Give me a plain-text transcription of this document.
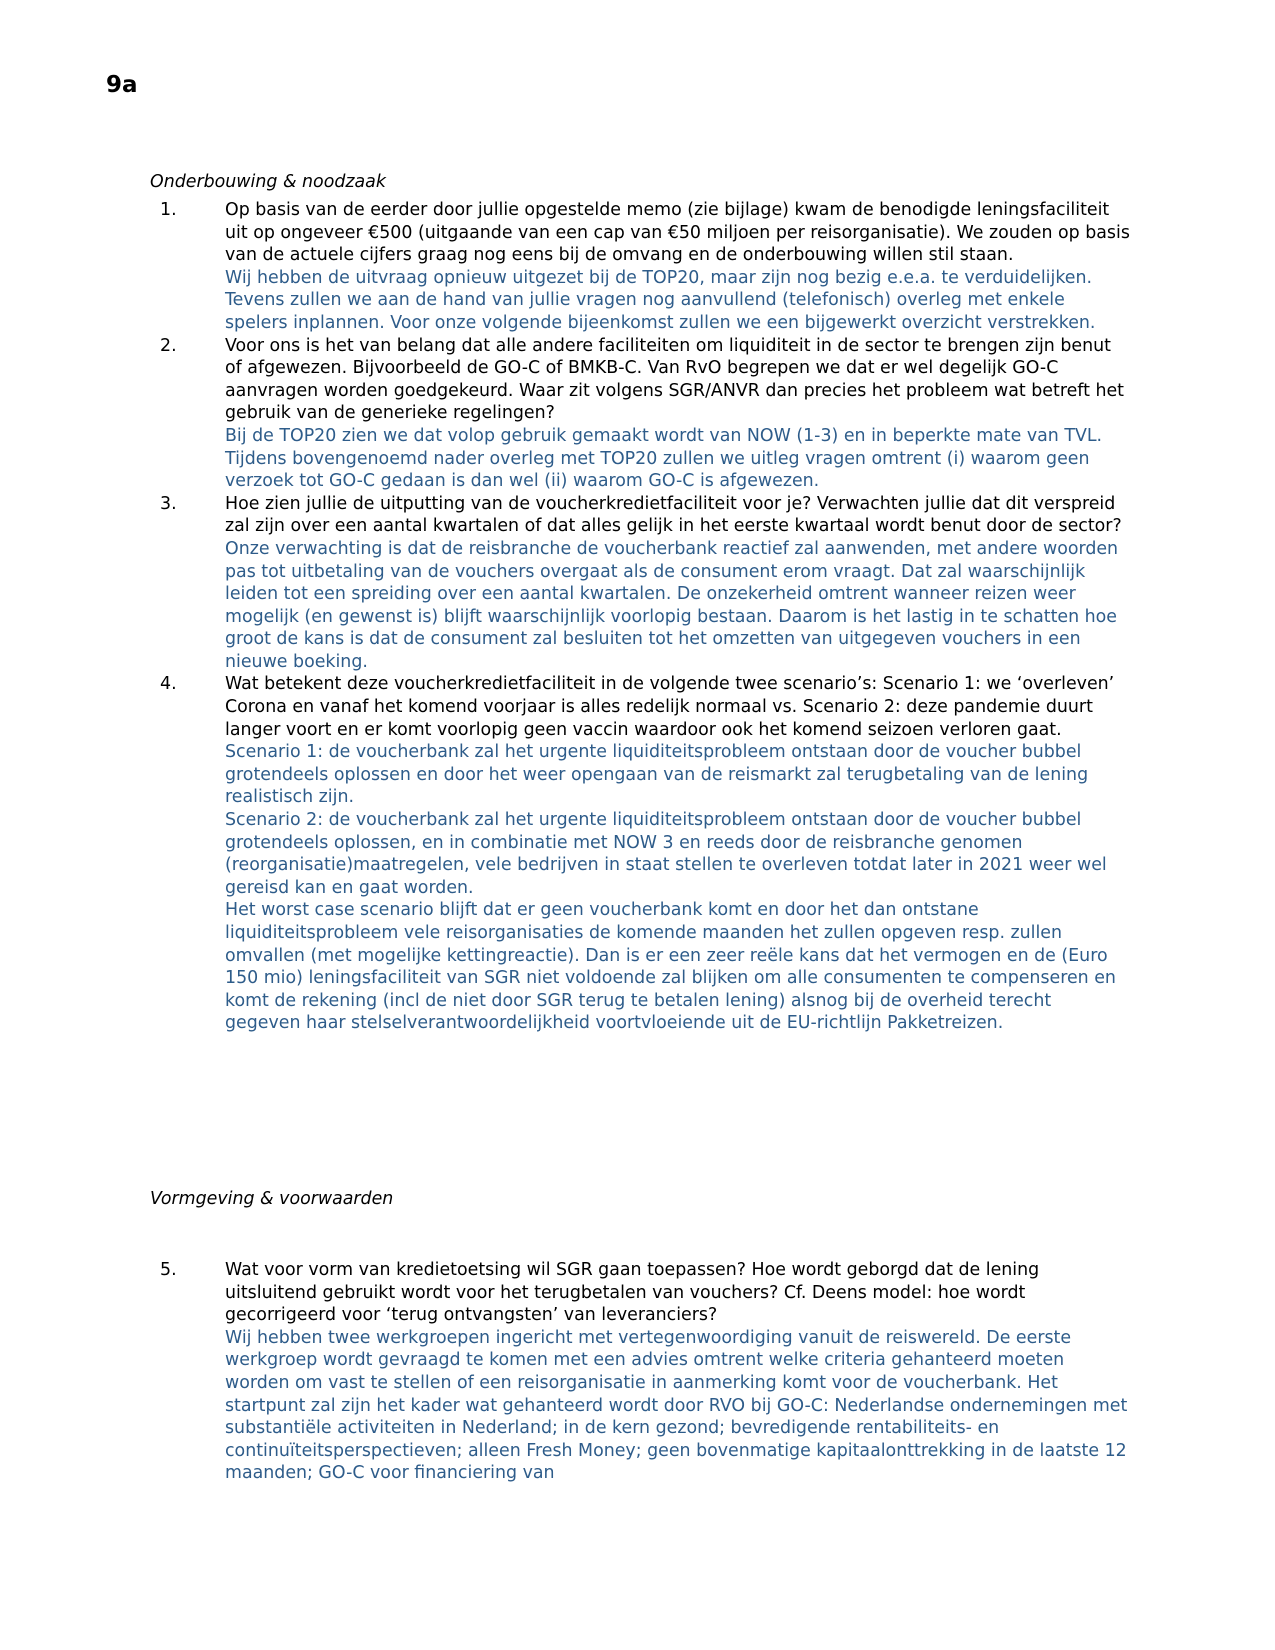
9a
Onderbouwing & noodzaak
1.	Op basis van de eerder door jullie opgestelde memo (zie bijlage) kwam de benodigde leningsfaciliteit uit op ongeveer €500 (uitgaande van een cap van €50 miljoen per reisorganisatie). We zouden op basis van de actuele cijfers graag nog eens bij de omvang en de onderbouwing willen stil staan.

Wij hebben de uitvraag opnieuw uitgezet bij de TOP20, maar zijn nog bezig e.e.a. te verduidelijken. Tevens zullen we aan de hand van jullie vragen nog aanvullend (telefonisch) overleg met enkele spelers inplannen. Voor onze volgende bijeenkomst zullen we een bijgewerkt overzicht verstrekken.

2.	Voor ons is het van belang dat alle andere faciliteiten om liquiditeit in de sector te brengen zijn benut of afgewezen. Bijvoorbeeld de GO-C of BMKB-C. Van RvO begrepen we dat er wel degelijk GO-C aanvragen worden goedgekeurd. Waar zit volgens SGR/ANVR dan precies het probleem wat betreft het gebruik van de generieke regelingen?

Bij de TOP20 zien we dat volop gebruik gemaakt wordt van NOW (1-3) en in beperkte mate van TVL. Tijdens bovengenoemd nader overleg met TOP20 zullen we uitleg vragen omtrent (i) waarom geen verzoek tot GO-C gedaan is dan wel (ii) waarom GO-C is afgewezen.

3.	Hoe zien jullie de uitputting van de voucherkredietfaciliteit voor je? Verwachten jullie dat dit verspreid zal zijn over een aantal kwartalen of dat alles gelijk in het eerste kwartaal wordt benut door de sector?

Onze verwachting is dat de reisbranche de voucherbank reactief zal aanwenden, met andere woorden pas tot uitbetaling van de vouchers overgaat als de consument erom vraagt. Dat zal waarschijnlijk leiden tot een spreiding over een aantal kwartalen. De onzekerheid omtrent wanneer reizen weer mogelijk (en gewenst is) blijft waarschijnlijk voorlopig bestaan. Daarom is het lastig in te schatten hoe groot de kans is dat de consument zal besluiten tot het omzetten van uitgegeven vouchers in een nieuwe boeking.

4.	Wat betekent deze voucherkredietfaciliteit in de volgende twee scenario’s: Scenario 1: we ‘overleven’ Corona en vanaf het komend voorjaar is alles redelijk normaal vs. Scenario 2: deze pandemie duurt langer voort en er komt voorlopig geen vaccin waardoor ook het komend seizoen verloren gaat.

Scenario 1: de voucherbank zal het urgente liquiditeitsprobleem ontstaan door de voucher bubbel grotendeels oplossen en door het weer opengaan van de reismarkt zal terugbetaling van de lening realistisch zijn.

Scenario 2: de voucherbank zal het urgente liquiditeitsprobleem ontstaan door de voucher bubbel grotendeels oplossen, en in combinatie met NOW 3 en reeds door de reisbranche genomen (reorganisatie)maatregelen, vele bedrijven in staat stellen te overleven totdat later in 2021 weer wel gereisd kan en gaat worden.

Het worst case scenario blijft dat er geen voucherbank komt en door het dan ontstane liquiditeitsprobleem vele reisorganisaties de komende maanden het zullen opgeven resp. zullen omvallen (met mogelijke kettingreactie). Dan is er een zeer reële kans dat het vermogen en de (Euro 150 mio) leningsfaciliteit van SGR niet voldoende zal blijken om alle consumenten te compenseren en komt de rekening (incl de niet door SGR terug te betalen lening) alsnog bij de overheid terecht gegeven haar stelselverantwoordelijkheid voortvloeiende uit de EU-richtlijn Pakketreizen.

Vormgeving & voorwaarden
5.	Wat voor vorm van kredietoetsing wil SGR gaan toepassen? Hoe wordt geborgd dat de lening uitsluitend gebruikt wordt voor het terugbetalen van vouchers? Cf. Deens model: hoe wordt gecorrigeerd voor ‘terug ontvangsten’ van leveranciers?

Wij hebben twee werkgroepen ingericht met vertegenwoordiging vanuit de reiswereld. De eerste werkgroep wordt gevraagd te komen met een advies omtrent welke criteria gehanteerd moeten worden om vast te stellen of een reisorganisatie in aanmerking komt voor de voucherbank. Het startpunt zal zijn het kader wat gehanteerd wordt door RVO bij GO-C: Nederlandse ondernemingen met substantiële activiteiten in Nederland; in de kern gezond; bevredigende rentabiliteits- en continuïteitsperspectieven; alleen Fresh Money; geen bovenmatige kapitaalonttrekking in de laatste 12 maanden; GO-C voor financiering van
